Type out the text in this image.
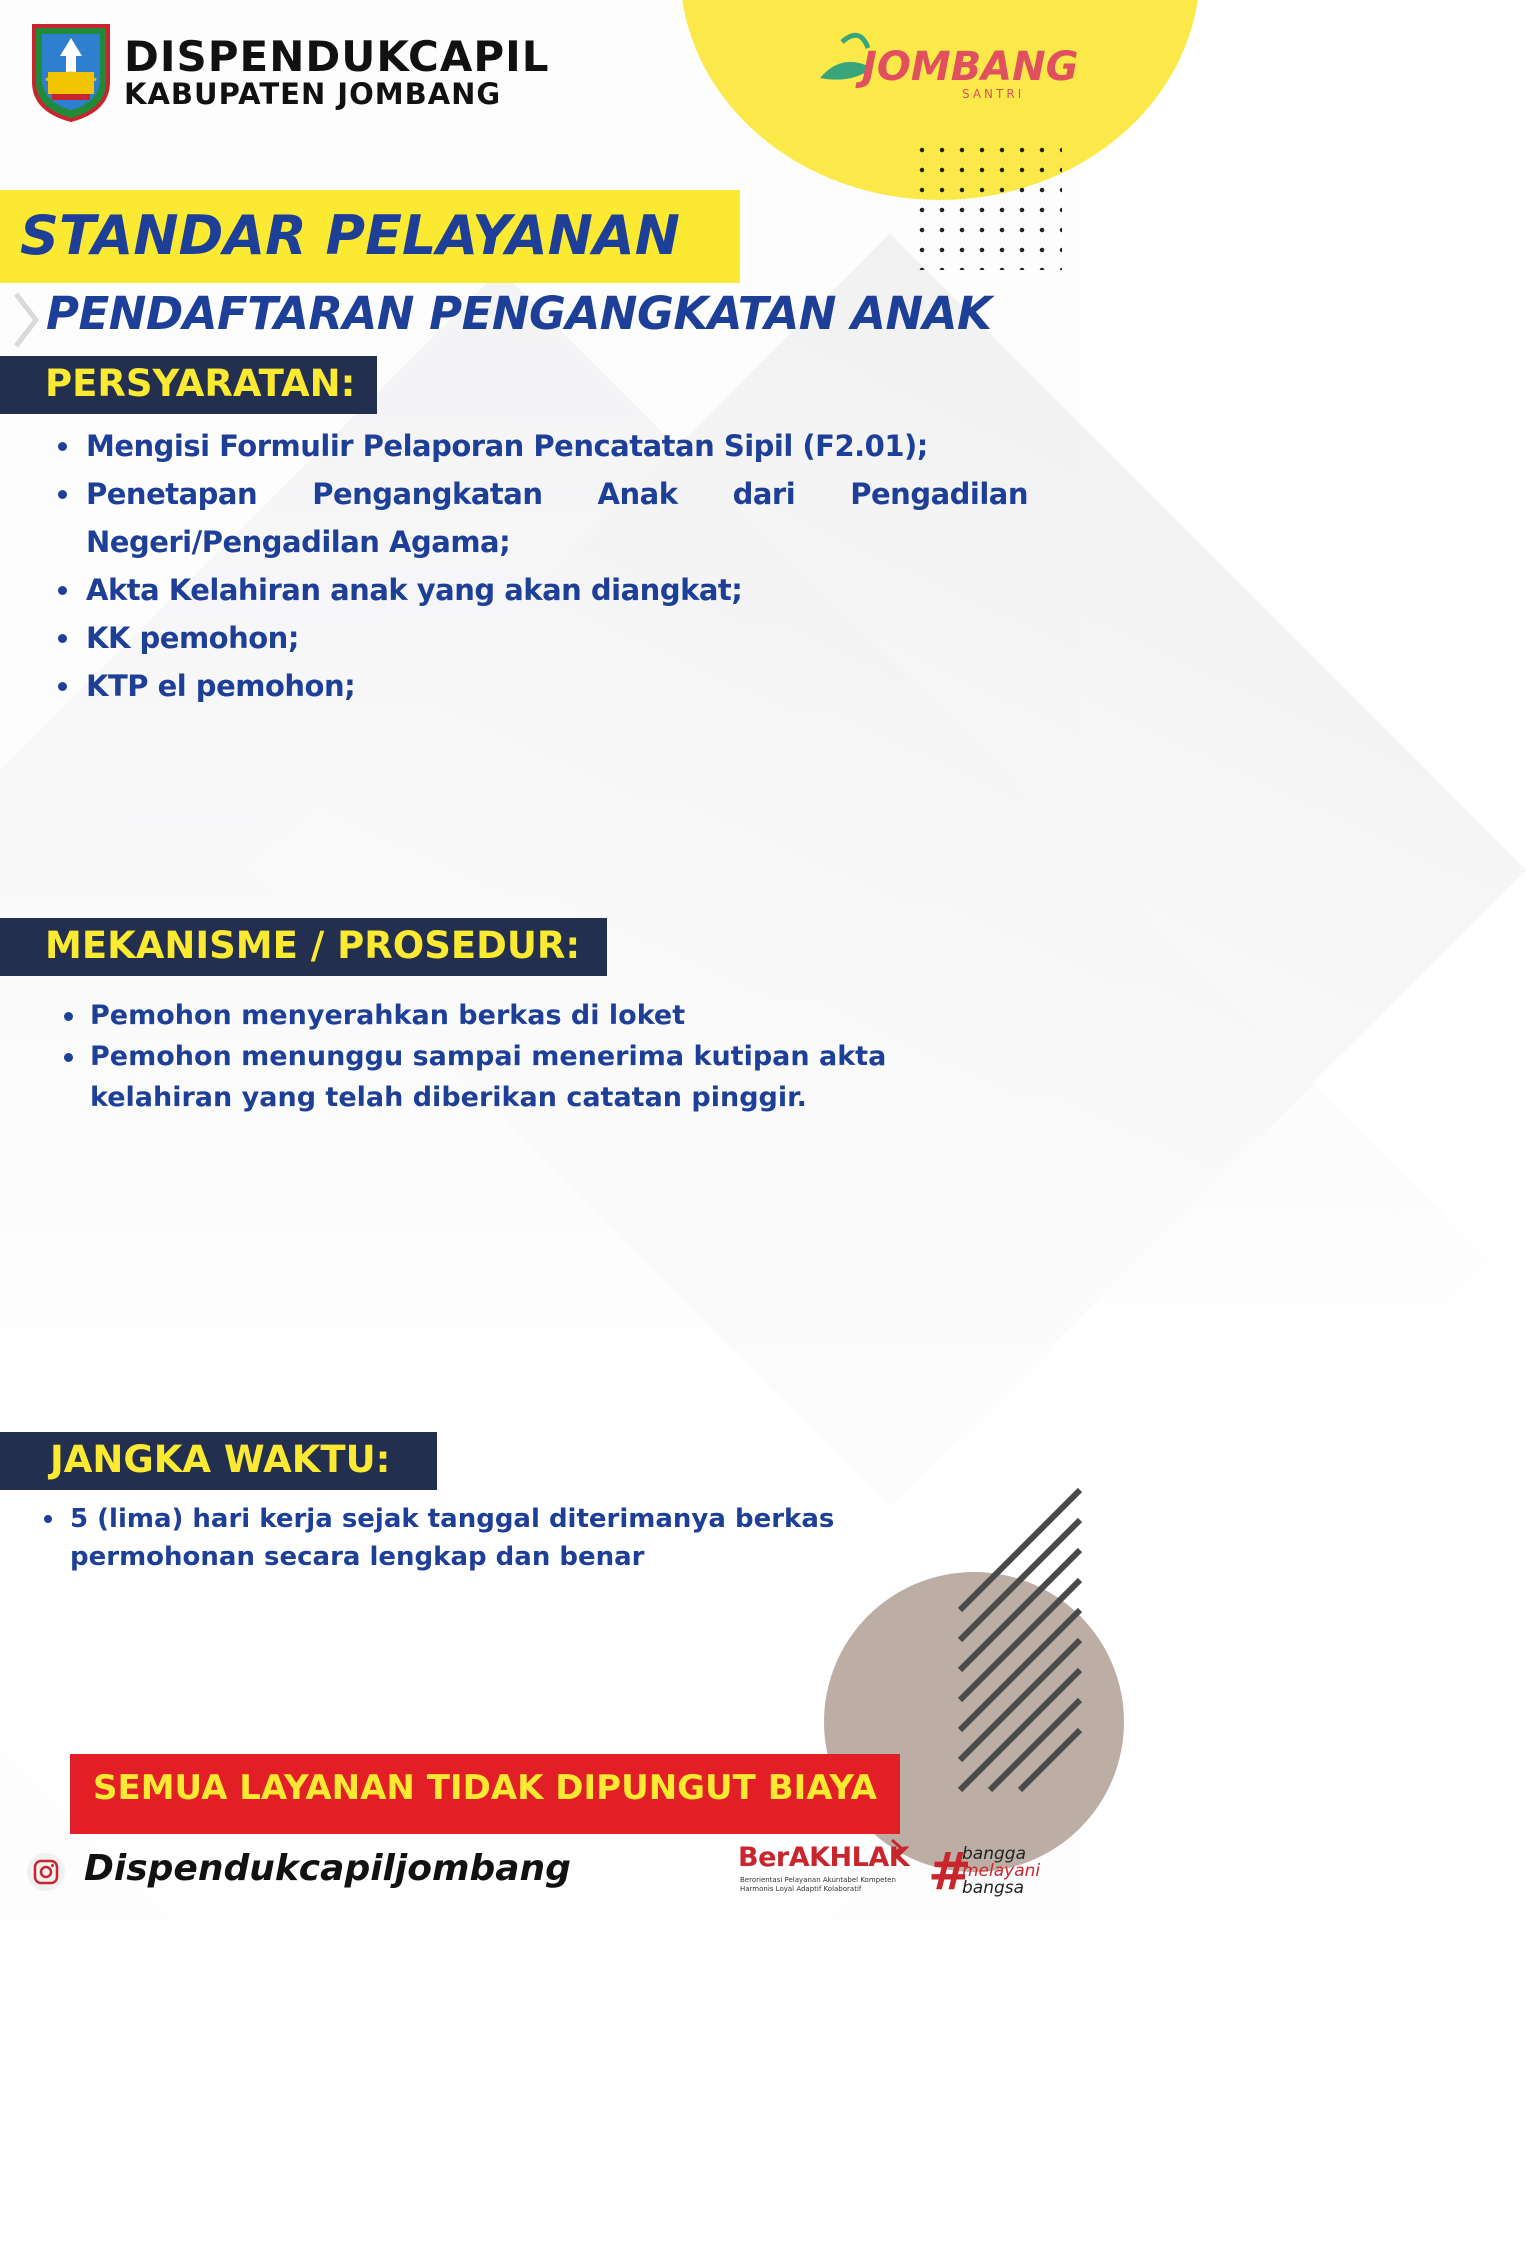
DISPENDUKCAPIL
KABUPATEN JOMBANG
JOMBANG
SANTRI
STANDAR PELAYANAN
PENDAFTARAN PENGANGKATAN ANAK
PERSYARATAN:
Mengisi Formulir Pelaporan Pencatatan Sipil (F2.01);
Penetapan Pengangkatan Anak dari Pengadilan Negeri/Pengadilan Agama;
Akta Kelahiran anak yang akan diangkat;
KK pemohon;
KTP el pemohon;
MEKANISME / PROSEDUR:
Pemohon menyerahkan berkas di loket
Pemohon menunggu sampai menerima kutipan akta kelahiran yang telah diberikan catatan pinggir.
JANGKA WAKTU:
5 (lima) hari kerja sejak tanggal diterimanya berkas permohonan secara lengkap dan benar
SEMUA LAYANAN TIDAK DIPUNGUT BIAYA
Dispendukcapiljombang	BerAKHLAK
Berorientasi Pelayanan Akuntabel Kompeten Harmonis Loyal Adaptif Kolaboratif	#
bangga
melayani
bangsa
